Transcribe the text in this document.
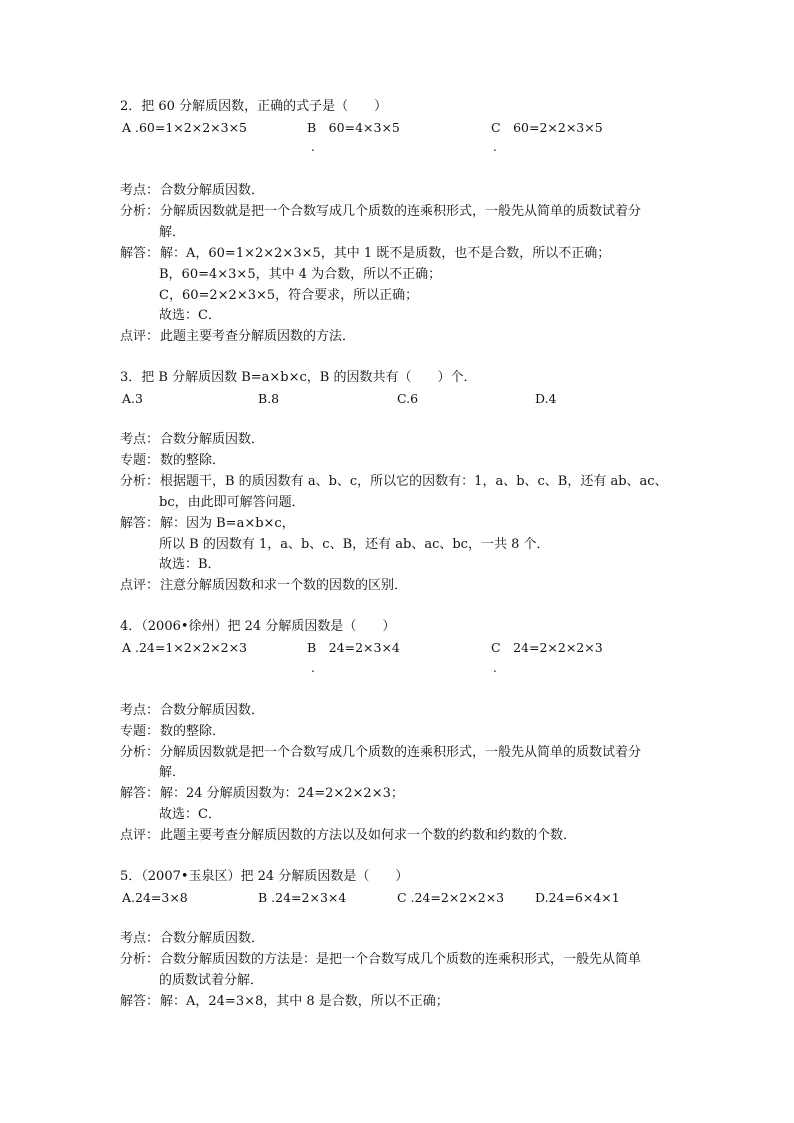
2．把 60 分解质因数，正确的式子是（　　）
A .60=1×2×2×3×5	B　60=4×3×5	C　60=2×2×3×5
.	.
考点：合数分解质因数．
分析：分解质因数就是把一个合数写成几个质数的连乘积形式，一般先从简单的质数试着分
解．
解答：解：A，60=1×2×2×3×5，其中 1 既不是质数，也不是合数，所以不正确；
B，60=4×3×5，其中 4 为合数，所以不正确；
C，60=2×2×3×5，符合要求，所以正确；
故选：C．
点评：此题主要考查分解质因数的方法．
3．把 B 分解质因数 B=a×b×c，B 的因数共有（　　）个．
A.3	B.8	C.6	D.4
考点：合数分解质因数．
专题：数的整除．
分析：根据题干，B 的质因数有 a、b、c，所以它的因数有：1，a、b、c、B，还有 ab、ac、
bc，由此即可解答问题．
解答：解：因为 B=a×b×c，
所以 B 的因数有 1，a、b、c、B，还有 ab、ac、bc，一共 8 个．
故选：B．
点评：注意分解质因数和求一个数的因数的区别．
4．（2006•徐州）把 24 分解质因数是（　　）
A .24=1×2×2×2×3	B　24=2×3×4	C　24=2×2×2×3
.	.
考点：合数分解质因数．
专题：数的整除．
分析：分解质因数就是把一个合数写成几个质数的连乘积形式，一般先从简单的质数试着分
解．
解答：解：24 分解质因数为：24=2×2×2×3；
故选：C．
点评：此题主要考查分解质因数的方法以及如何求一个数的约数和约数的个数．
5．（2007•玉泉区）把 24 分解质因数是（　　）
A.24=3×8	B .24=2×3×4	C .24=2×2×2×3 D.24=6×4×1
考点：合数分解质因数．
分析：合数分解质因数的方法是：是把一个合数写成几个质数的连乘积形式，一般先从简单
的质数试着分解．
解答：解：A，24=3×8，其中 8 是合数，所以不正确；
